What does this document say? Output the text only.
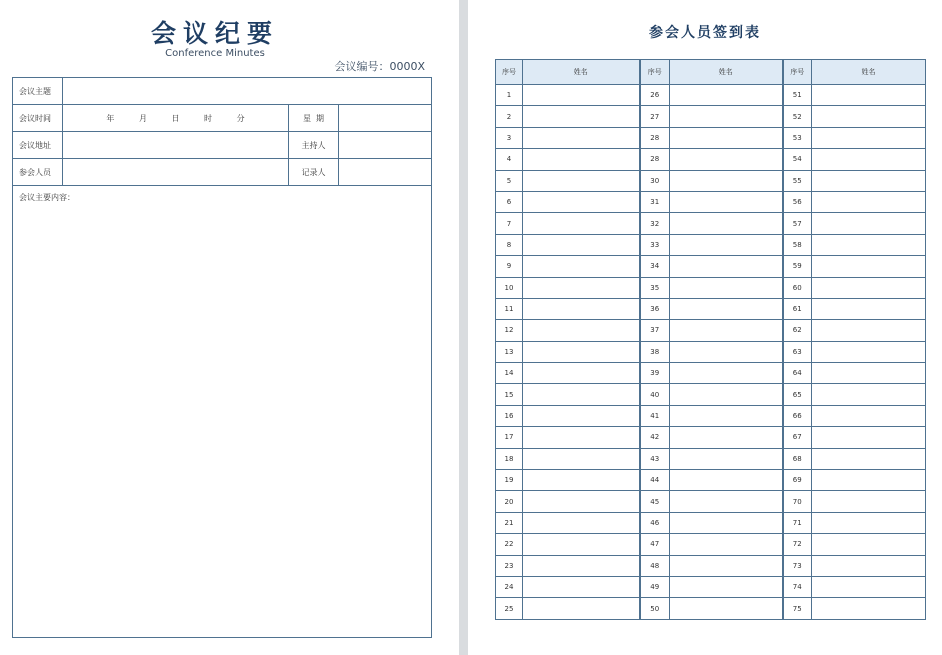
会议纪要
Conference Minutes
会议编号：0000X
会议主题			
会议时间	年 月 日 时 分	星  期	
会议地址		主持人	
参会人员		记录人	
会议主要内容：			
参会人员签到表
序号	姓名	序号	姓名	序号	姓名
1		26		51	
2		27		52	
3		28		53	
4		28		54	
5		30		55	
6		31		56	
7		32		57	
8		33		58	
9		34		59	
10		35		60	
11		36		61	
12		37		62	
13		38		63	
14		39		64	
15		40		65	
16		41		66	
17		42		67	
18		43		68	
19		44		69	
20		45		70	
21		46		71	
22		47		72	
23		48		73	
24		49		74	
25		50		75	
